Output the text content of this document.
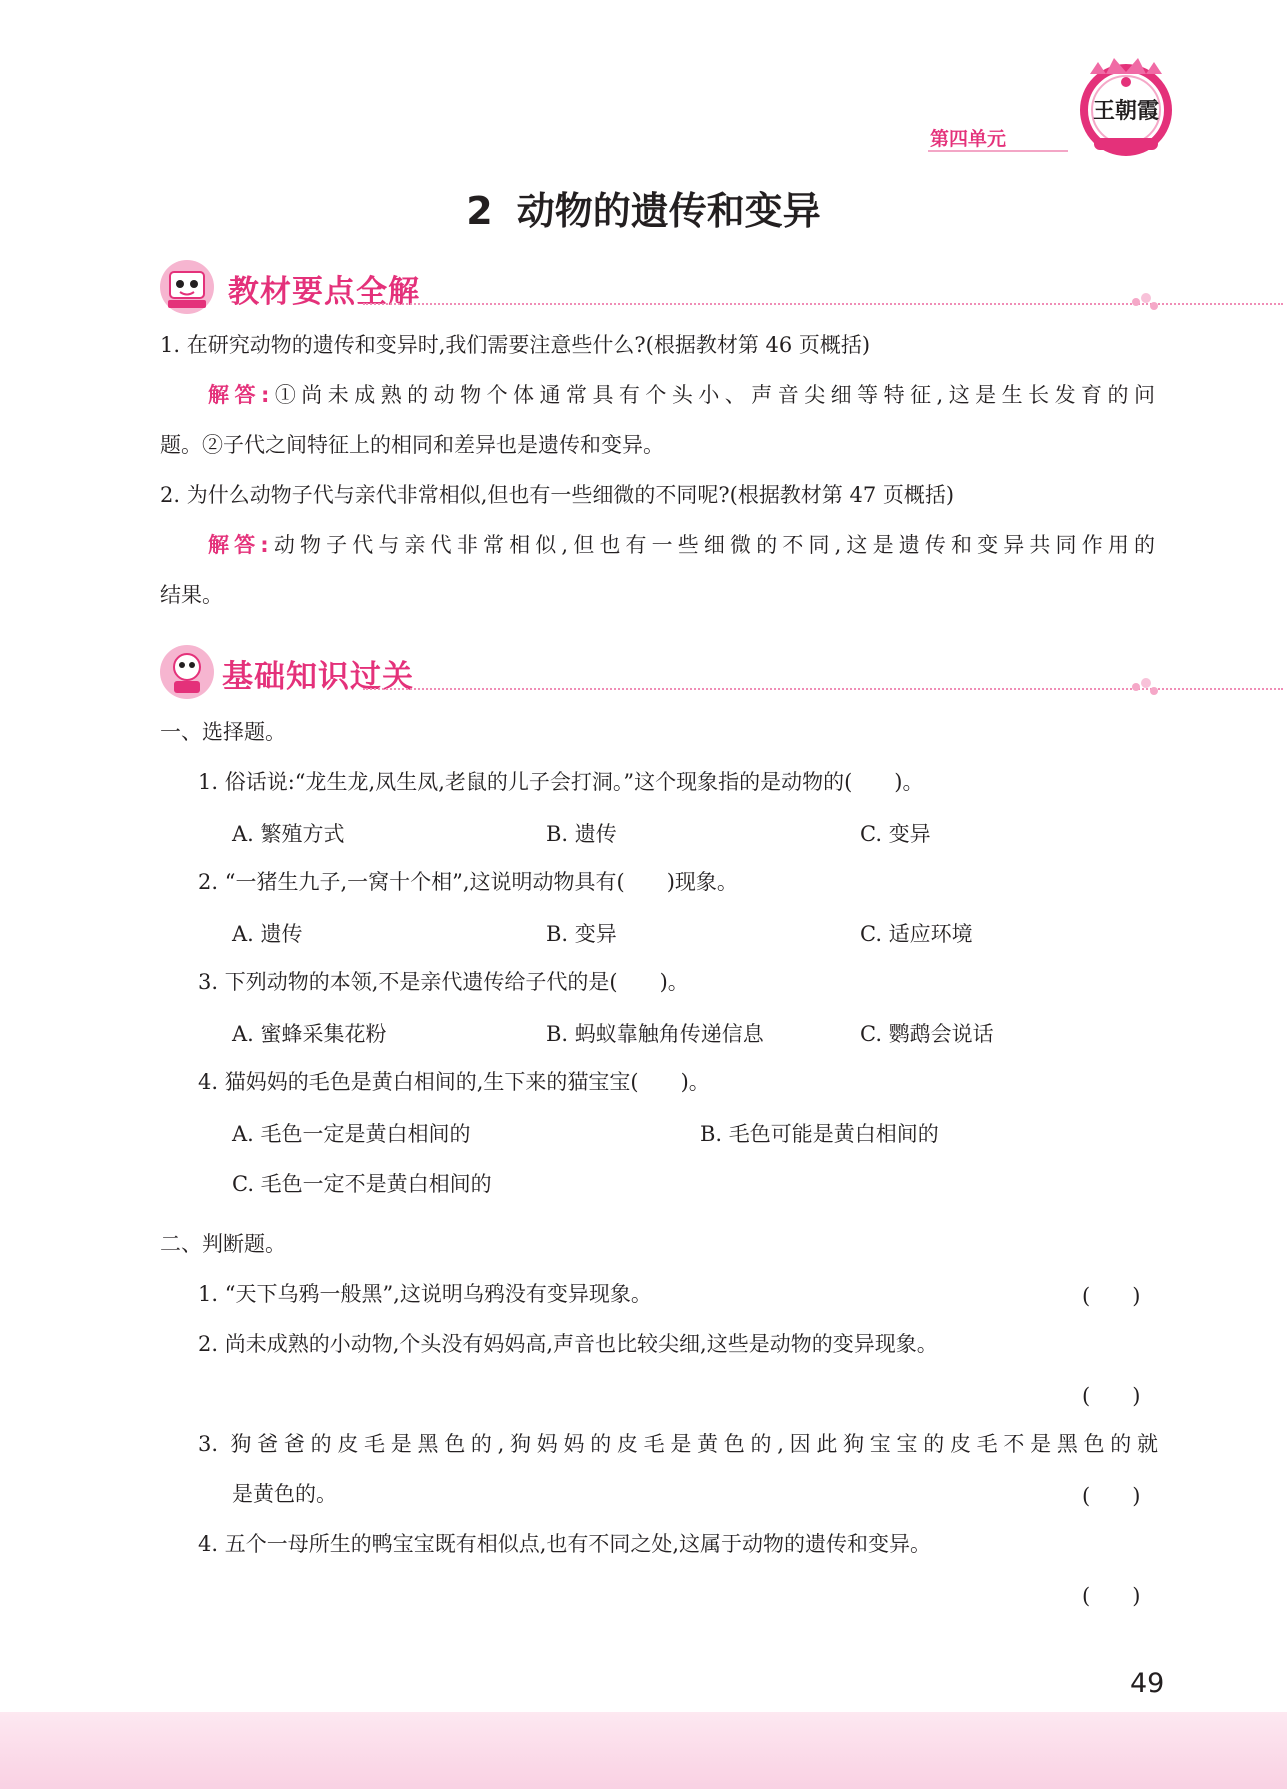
第四单元
王朝霞
2 动物的遗传和变异
教材要点全解
1. 在研究动物的遗传和变异时,我们需要注意些什么?(根据教材第 46 页概括)
解答:①尚未成熟的动物个体通常具有个头小、声音尖细等特征,这是生长发育的问
题。②子代之间特征上的相同和差异也是遗传和变异。
2. 为什么动物子代与亲代非常相似,但也有一些细微的不同呢?(根据教材第 47 页概括)
解答:动物子代与亲代非常相似,但也有一些细微的不同,这是遗传和变异共同作用的
结果。
基础知识过关
一、选择题。
1. 俗话说:“龙生龙,凤生凤,老鼠的儿子会打洞。”这个现象指的是动物的(　　)。
A. 繁殖方式	B. 遗传	C. 变异
2. “一猪生九子,一窝十个相”,这说明动物具有(　　)现象。
A. 遗传	B. 变异	C. 适应环境
3. 下列动物的本领,不是亲代遗传给子代的是(　　)。
A. 蜜蜂采集花粉	B. 蚂蚁靠触角传递信息	C. 鹦鹉会说话
4. 猫妈妈的毛色是黄白相间的,生下来的猫宝宝(　　)。
A. 毛色一定是黄白相间的	B. 毛色可能是黄白相间的
C. 毛色一定不是黄白相间的
二、判断题。
1. “天下乌鸦一般黑”,这说明乌鸦没有变异现象。	(　　)
2. 尚未成熟的小动物,个头没有妈妈高,声音也比较尖细,这些是动物的变异现象。
(　　)
3. 狗爸爸的皮毛是黑色的,狗妈妈的皮毛是黄色的,因此狗宝宝的皮毛不是黑色的就
是黄色的。	(　　)
4. 五个一母所生的鸭宝宝既有相似点,也有不同之处,这属于动物的遗传和变异。
(　　)
49
